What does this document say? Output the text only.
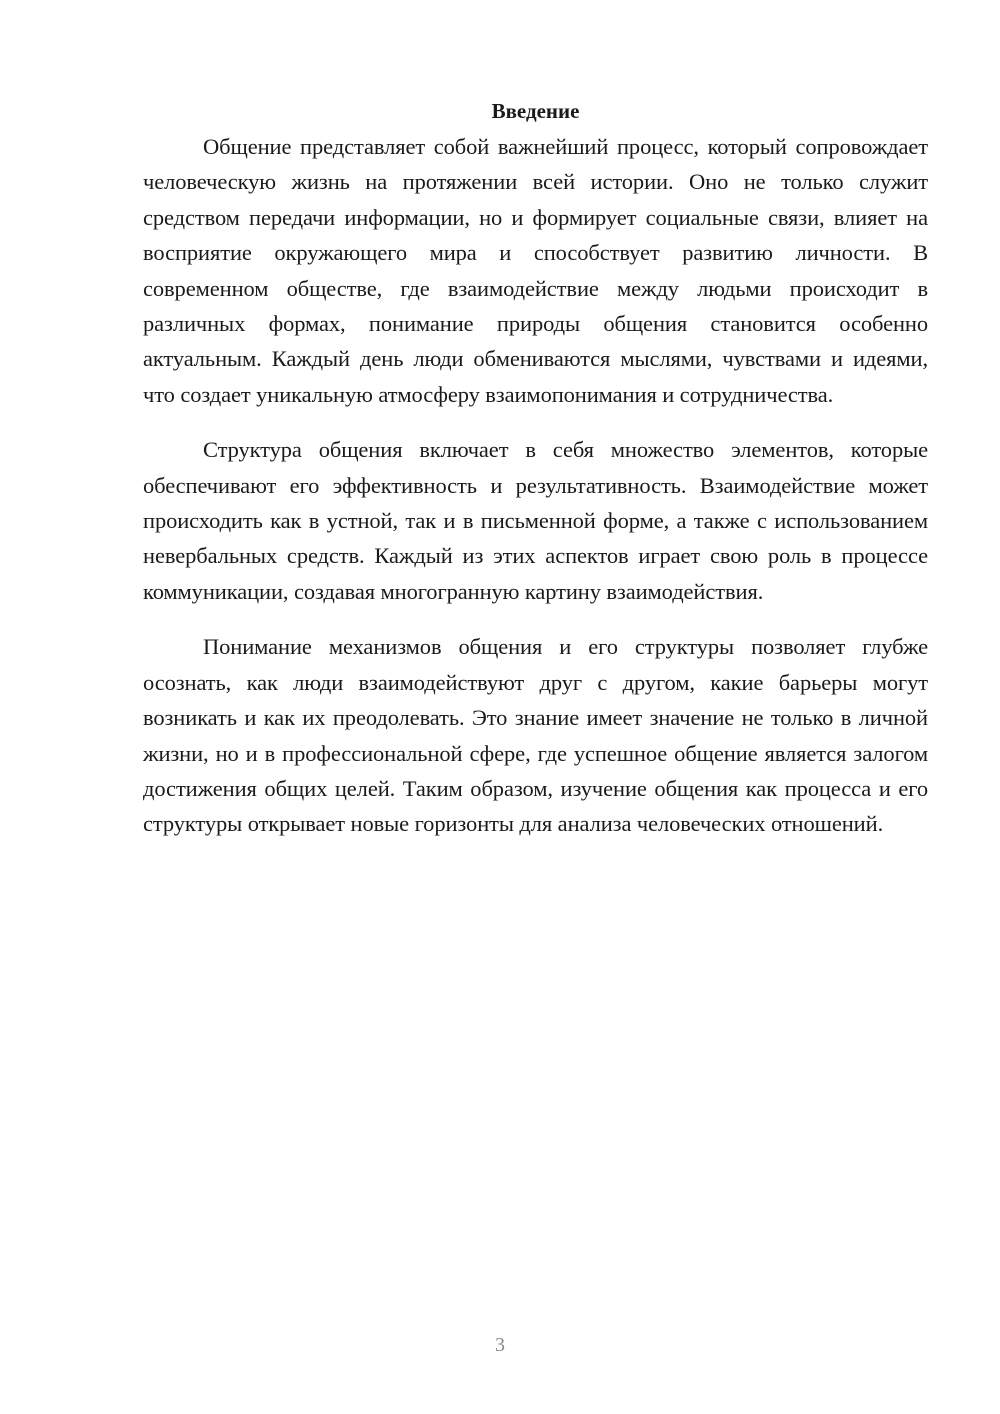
Введение

Общение представляет собой важнейший процесс, который сопровождает человеческую жизнь на протяжении всей истории. Оно не только служит средством передачи информации, но и формирует социальные связи, влияет на восприятие окружающего мира и способствует развитию личности. В современном обществе, где взаимодействие между людьми происходит в различных формах, понимание природы общения становится особенно актуальным. Каждый день люди обмениваются мыслями, чувствами и идеями, что создает уникальную атмосферу взаимопонимания и сотрудничества.

Структура общения включает в себя множество элементов, которые обеспечивают его эффективность и результативность. Взаимодействие может происходить как в устной, так и в письменной форме, а также с использованием невербальных средств. Каждый из этих аспектов играет свою роль в процессе коммуникации, создавая многогранную картину взаимодействия.

Понимание механизмов общения и его структуры позволяет глубже осознать, как люди взаимодействуют друг с другом, какие барьеры могут возникать и как их преодолевать. Это знание имеет значение не только в личной жизни, но и в профессиональной сфере, где успешное общение является залогом достижения общих целей. Таким образом, изучение общения как процесса и его структуры открывает новые горизонты для анализа человеческих отношений.

3
